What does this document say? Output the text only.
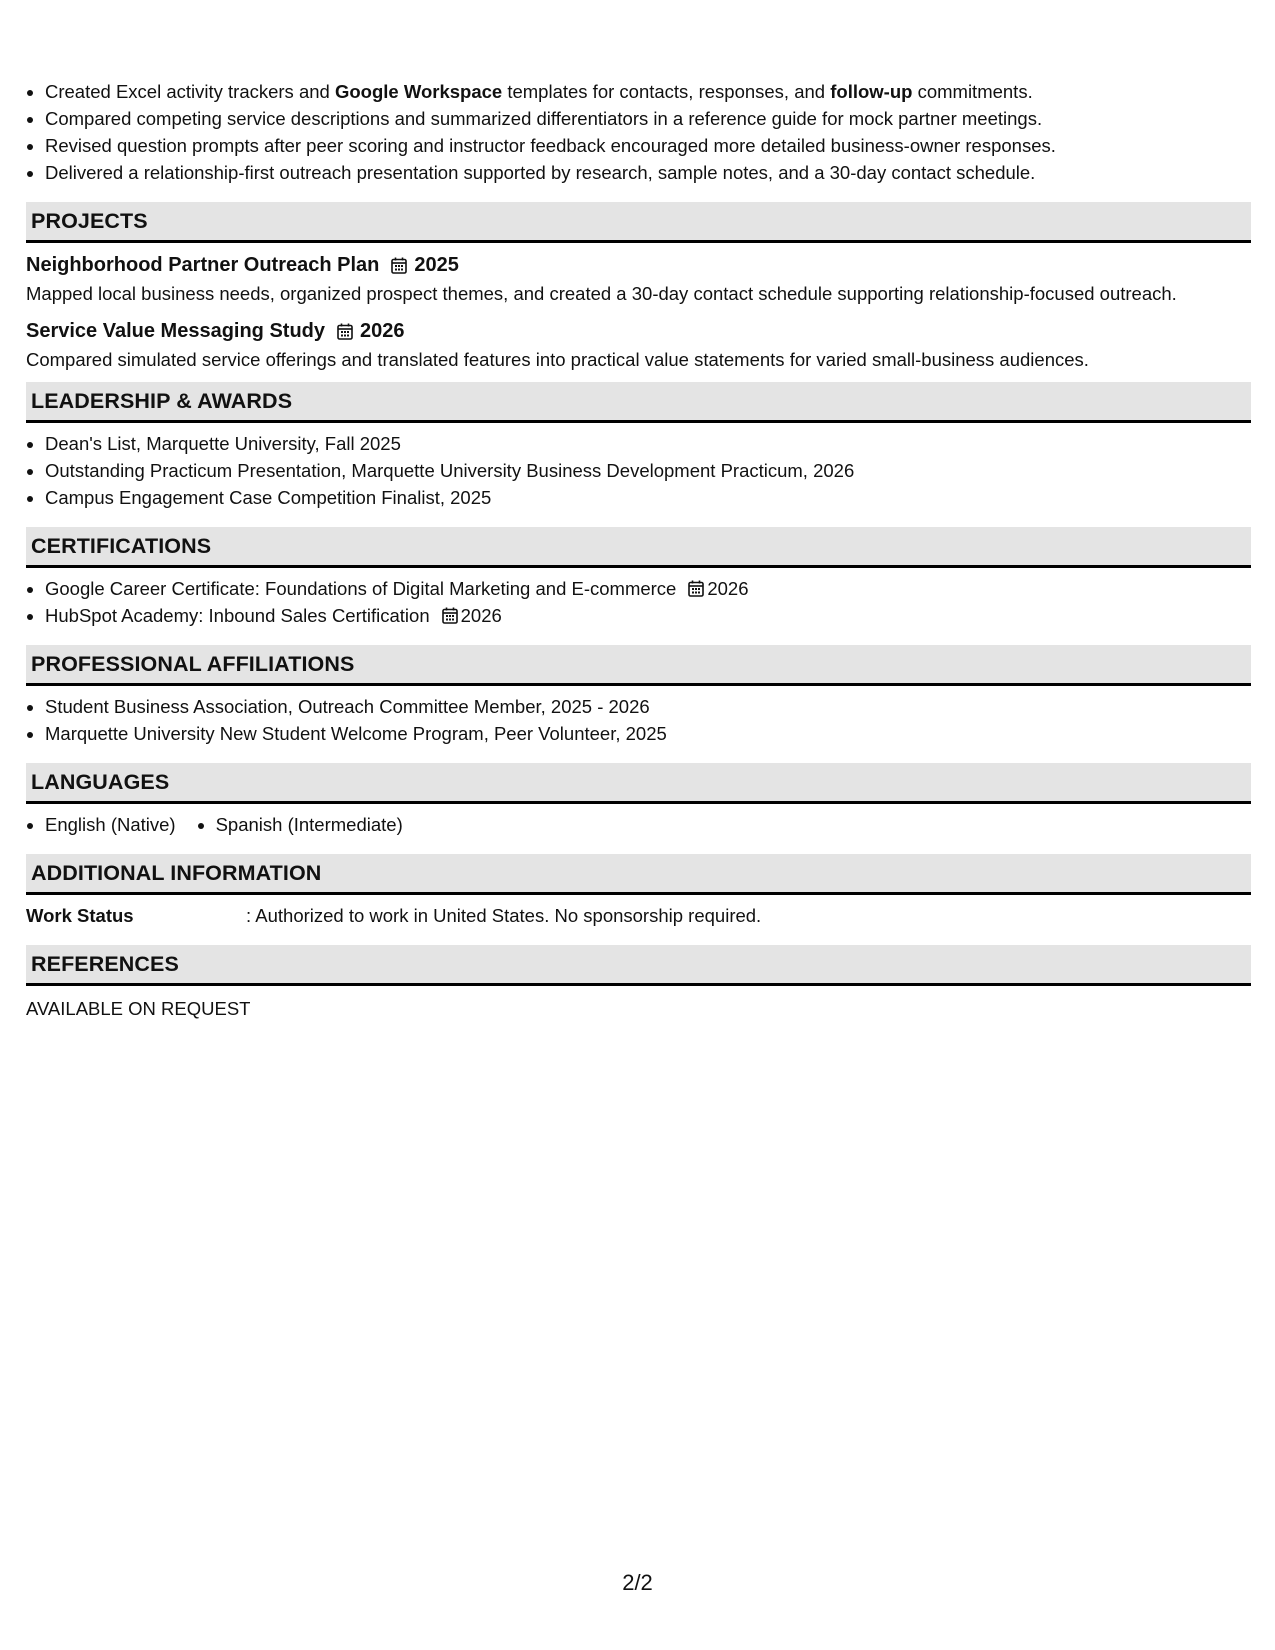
• Created Excel activity trackers and Google Workspace templates for contacts, responses, and follow-up commitments.
• Compared competing service descriptions and summarized differentiators in a reference guide for mock partner meetings.
• Revised question prompts after peer scoring and instructor feedback encouraged more detailed business-owner responses.
• Delivered a relationship-first outreach presentation supported by research, sample notes, and a 30-day contact schedule.
PROJECTS
Neighborhood Partner Outreach Plan 2025
Mapped local business needs, organized prospect themes, and created a 30-day contact schedule supporting relationship-focused outreach.
Service Value Messaging Study 2026
Compared simulated service offerings and translated features into practical value statements for varied small-business audiences.
LEADERSHIP & AWARDS
• Dean's List, Marquette University, Fall 2025
• Outstanding Practicum Presentation, Marquette University Business Development Practicum, 2026
• Campus Engagement Case Competition Finalist, 2025
CERTIFICATIONS
• Google Career Certificate: Foundations of Digital Marketing and E-commerce 2026
• HubSpot Academy: Inbound Sales Certification 2026
PROFESSIONAL AFFILIATIONS
• Student Business Association, Outreach Committee Member, 2025 - 2026
• Marquette University New Student Welcome Program, Peer Volunteer, 2025
LANGUAGES
• English (Native)
• Spanish (Intermediate)
ADDITIONAL INFORMATION
Work Status	: Authorized to work in United States. No sponsorship required.
REFERENCES
AVAILABLE ON REQUEST
2/2
